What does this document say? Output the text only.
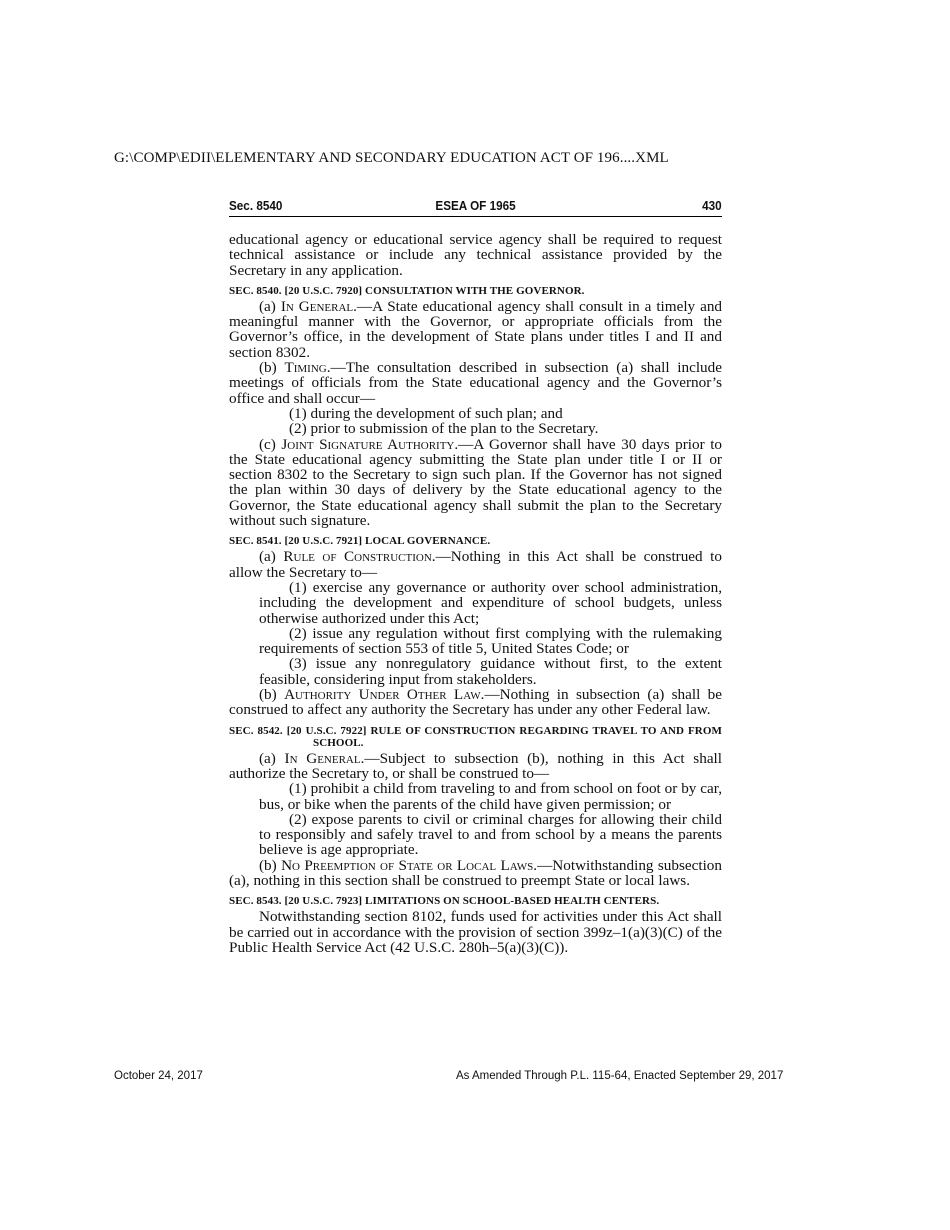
G:\COMP\EDII\ELEMENTARY AND SECONDARY EDUCATION ACT OF 196....XML
Sec. 8540	ESEA OF 1965	430

educational agency or educational service agency shall be required to request technical assistance or include any technical assistance provided by the Secretary in any application.

SEC. 8540. [20 U.S.C. 7920] CONSULTATION WITH THE GOVERNOR.

(a) In General.—A State educational agency shall consult in a timely and meaningful manner with the Governor, or appropriate officials from the Governor’s office, in the development of State plans under titles I and II and section 8302.

(b) Timing.—The consultation described in subsection (a) shall include meetings of officials from the State educational agency and the Governor’s office and shall occur—

(1) during the development of such plan; and

(2) prior to submission of the plan to the Secretary.

(c) Joint Signature Authority.—A Governor shall have 30 days prior to the State educational agency submitting the State plan under title I or II or section 8302 to the Secretary to sign such plan. If the Governor has not signed the plan within 30 days of delivery by the State educational agency to the Governor, the State educational agency shall submit the plan to the Secretary without such signature.

SEC. 8541. [20 U.S.C. 7921] LOCAL GOVERNANCE.

(a) Rule of Construction.—Nothing in this Act shall be construed to allow the Secretary to—

(1) exercise any governance or authority over school administration, including the development and expenditure of school budgets, unless otherwise authorized under this Act;

(2) issue any regulation without first complying with the rulemaking requirements of section 553 of title 5, United States Code; or

(3) issue any nonregulatory guidance without first, to the extent feasible, considering input from stakeholders.

(b) Authority Under Other Law.—Nothing in subsection (a) shall be construed to affect any authority the Secretary has under any other Federal law.

SEC. 8542. [20 U.S.C. 7922] RULE OF CONSTRUCTION REGARDING TRAVEL TO AND FROM SCHOOL.

(a) In General.—Subject to subsection (b), nothing in this Act shall authorize the Secretary to, or shall be construed to—

(1) prohibit a child from traveling to and from school on foot or by car, bus, or bike when the parents of the child have given permission; or

(2) expose parents to civil or criminal charges for allowing their child to responsibly and safely travel to and from school by a means the parents believe is age appropriate.

(b) No Preemption of State or Local Laws.—Notwithstanding subsection (a), nothing in this section shall be construed to preempt State or local laws.

SEC. 8543. [20 U.S.C. 7923] LIMITATIONS ON SCHOOL-BASED HEALTH CENTERS.

Notwithstanding section 8102, funds used for activities under this Act shall be carried out in accordance with the provision of section 399z–1(a)(3)(C) of the Public Health Service Act (42 U.S.C. 280h–5(a)(3)(C)).

October 24, 2017	As Amended Through P.L. 115-64, Enacted September 29, 2017
